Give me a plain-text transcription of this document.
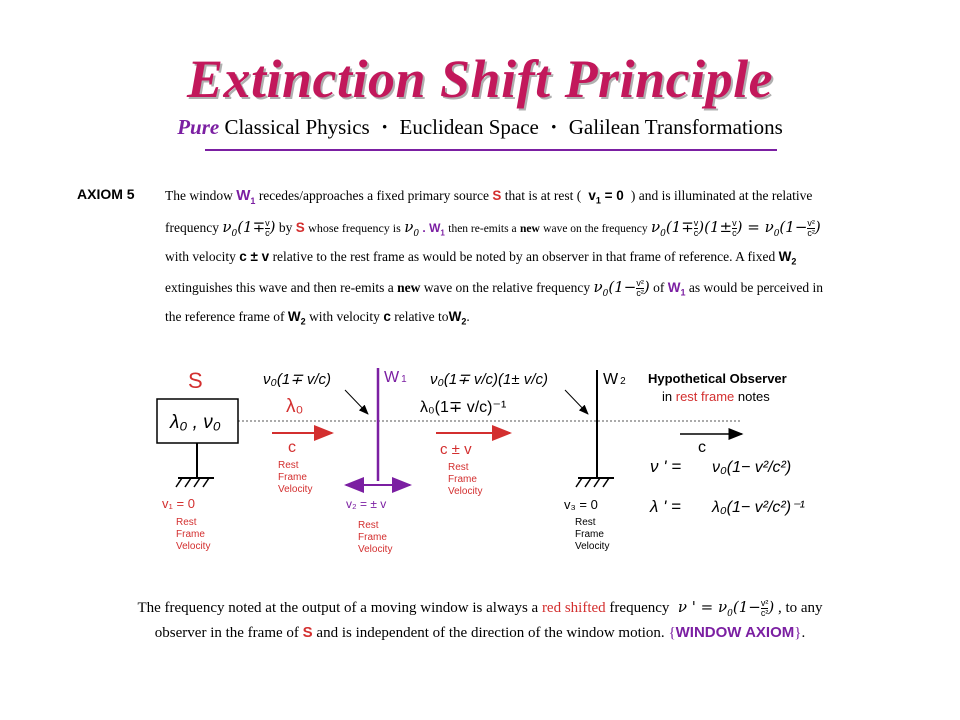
Extinction Shift Principle
Pure Classical Physics · Euclidean Space · Galilean Transformations
AXIOM 5 The window $W_1$ recedes/approaches a fixed primary source S that is at rest ( $v_1 = 0$ ) and is illuminated at the relative
frequency $\nu_0(1\mp \frac{v}{c}$ ) by S whose frequency is $\nu_0$ . $W_1$ then re-emits a new wave on the frequency $\nu_0(1\mp \frac{v}{c} )(1\pm \frac{v}{c}$ ) = $\nu_0(1- \frac{\text{v²}}{\text{c²}}$ )
with velocity c ± v relative to the rest frame as would be noted by an observer in that frame of reference. A fixed $W_2$
extinguishes this wave and then re-emits a new wave on the relative frequency $\nu_0(1- \frac{\text{v²}}{\text{c²}}$ ) of $W_1$ as would be perceived in
the reference frame of $W_2$ with velocity c relative toW$_2$.
S
λ₀ , ν₀
v₁ = 0
Rest
Frame
Velocity
ν₀(1∓ v/c)
λ₀
c
Rest
Frame
Velocity
W 1
v₂ = ± v
Rest
Frame
Velocity
ν₀(1∓ v/c)(1± v/c)
λ₀(1∓ v/c)⁻¹
c ± v
Rest
Frame
Velocity
W 2
v₃ = 0
Rest
Frame
Velocity
Hypothetical Observer
in rest frame notes
c
ν ' = ν₀(1− v²/c²)
λ ' = λ₀(1− v²/c²)⁻¹
The frequency noted at the output of a moving window is always a red shifted frequency  ν ' = $\nu_0(1- \frac{\text{v²}}{\text{c²}}$ ) , to any
observer in the frame of S and is independent of the direction of the window motion. {WINDOW AXIOM}.
